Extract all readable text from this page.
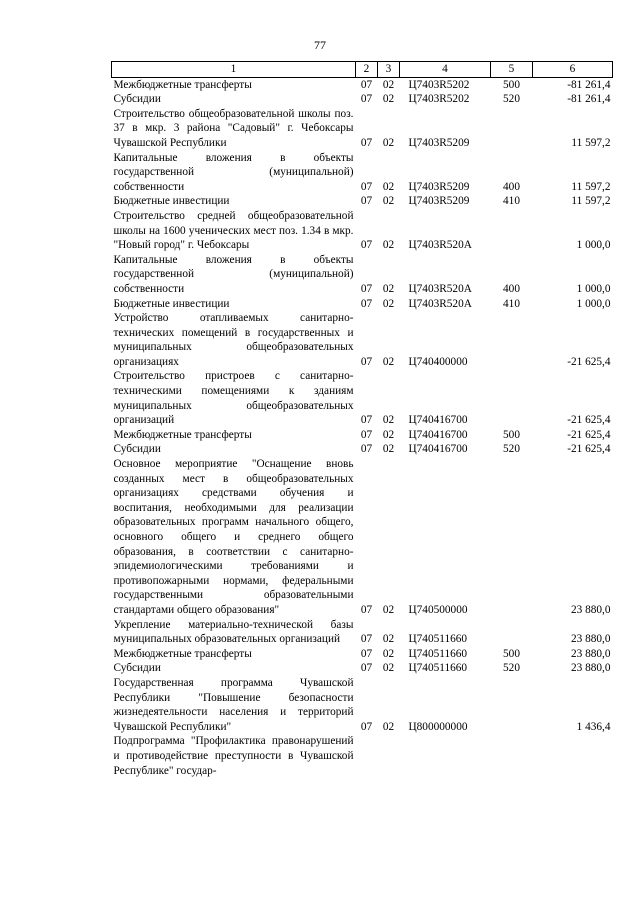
77
1	2	3	4	5	6
Межбюджетные трансферты	07	02	Ц7403R5202	500	-81 261,4
Субсидии	07	02	Ц7403R5202	520	-81 261,4
Строительство общеобразовательной школы поз. 37 в мкр. 3 района "Садовый" г. Чебоксары Чувашской Республики	07	02	Ц7403R5209		11 597,2
Капитальные вложения в объекты государственной (муниципальной) собственности	07	02	Ц7403R5209	400	11 597,2
Бюджетные инвестиции	07	02	Ц7403R5209	410	11 597,2
Строительство средней общеобразовательной школы на 1600 ученических мест поз. 1.34 в мкр. "Новый город" г. Чебоксары	07	02	Ц7403R520А		1 000,0
Капитальные вложения в объекты государственной (муниципальной) собственности	07	02	Ц7403R520А	400	1 000,0
Бюджетные инвестиции	07	02	Ц7403R520А	410	1 000,0
Устройство отапливаемых санитарно-технических помещений в государственных и муниципальных общеобразовательных организациях	07	02	Ц740400000		-21 625,4
Строительство пристроев с санитарно-техническими помещениями к зданиям муниципальных общеобразовательных организаций	07	02	Ц740416700		-21 625,4
Межбюджетные трансферты	07	02	Ц740416700	500	-21 625,4
Субсидии	07	02	Ц740416700	520	-21 625,4
Основное мероприятие "Оснащение вновь созданных мест в общеобразовательных организациях средствами обучения и воспитания, необходимыми для реализации образовательных программ начального общего, основного общего и среднего общего образования, в соответствии с санитарно-эпидемиологическими требованиями и противопожарными нормами, федеральными государственными образовательными стандартами общего образования"	07	02	Ц740500000		23 880,0
Укрепление материально-технической базы муниципальных образовательных организаций	07	02	Ц740511660		23 880,0
Межбюджетные трансферты	07	02	Ц740511660	500	23 880,0
Субсидии	07	02	Ц740511660	520	23 880,0
Государственная программа Чувашской Республики "Повышение безопасности жизнедеятельности населения и территорий Чувашской Республики"	07	02	Ц800000000		1 436,4
Подпрограмма "Профилактика правонарушений и противодействие преступности в Чувашской Республике" государ-					
